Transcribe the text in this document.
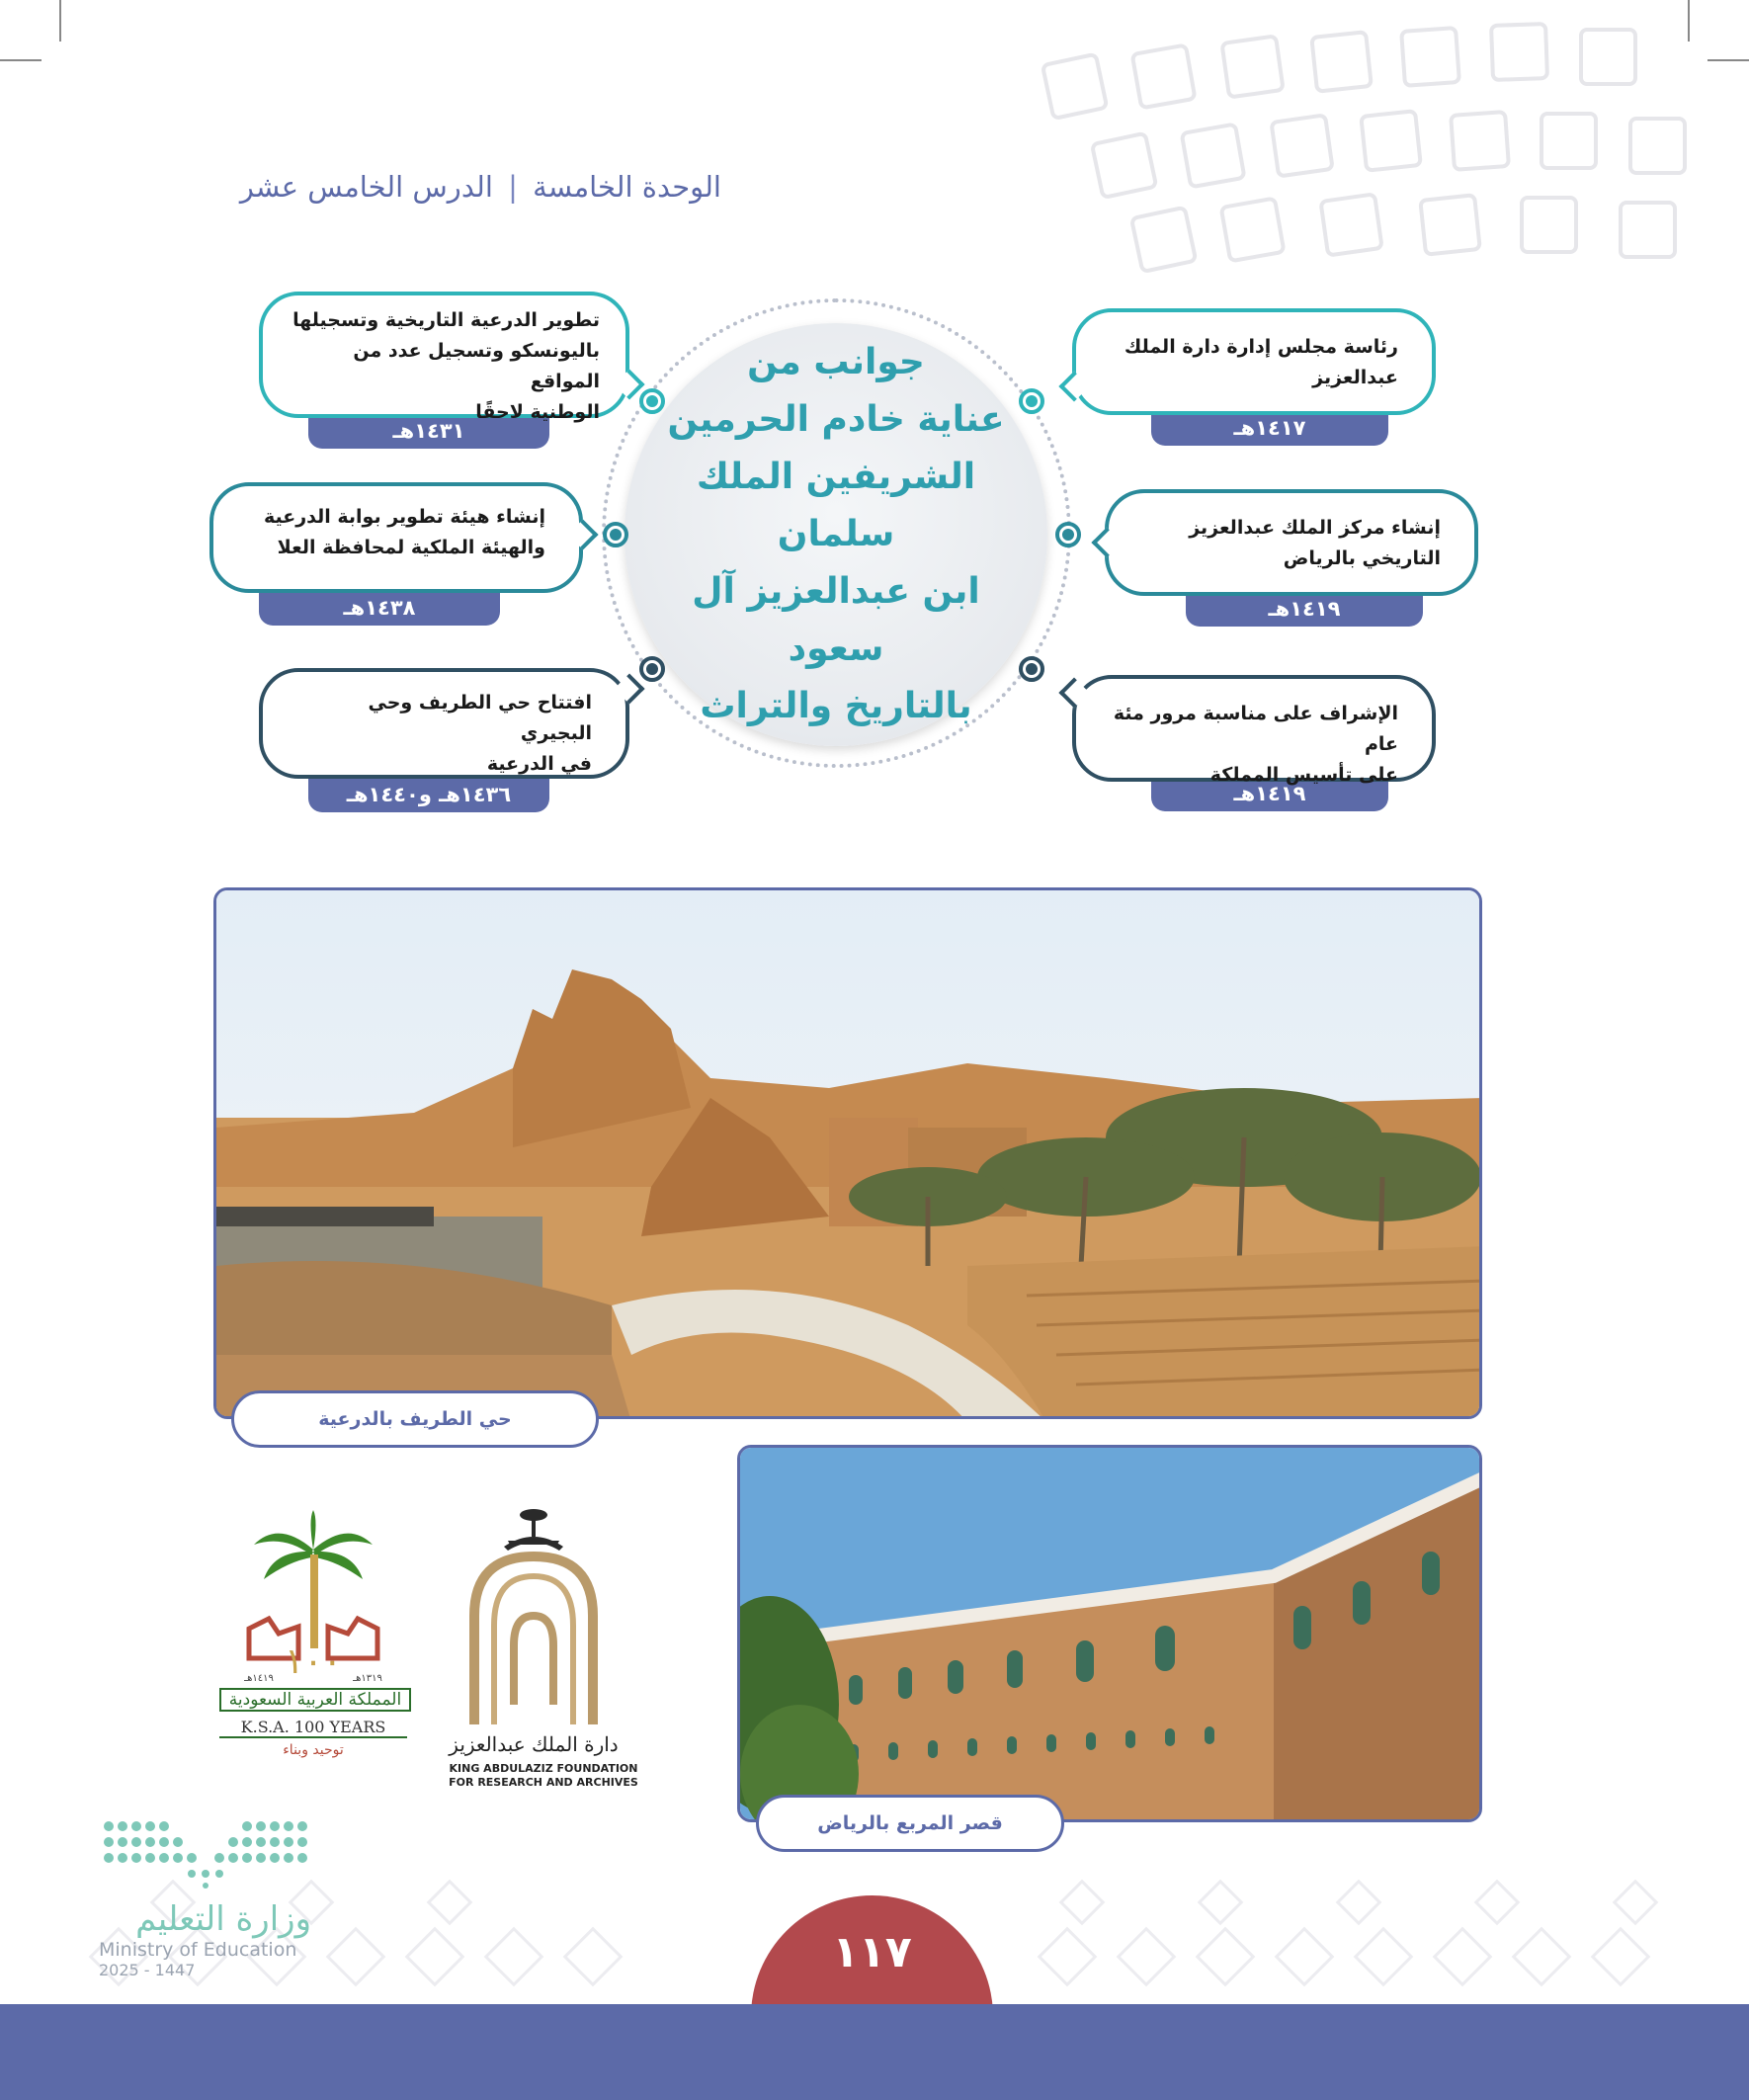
الوحدة الخامسة | الدرس الخامس عشر
جوانب من
عناية خادم الحرمين
الشريفين الملك سلمان
ابن عبدالعزيز آل سعود
بالتاريخ والتراث
١٤١٧هـ
رئاسة مجلس إدارة دارة الملك
عبدالعزيز
١٤١٩هـ
إنشاء مركز الملك عبدالعزيز
التاريخي بالرياض
١٤١٩هـ
الإشراف على مناسبة مرور مئة عام
على تأسيس المملكة
١٤٣١هـ
تطوير الدرعية التاريخية وتسجيلها
باليونسكو وتسجيل عدد من المواقع
الوطنية لاحقًا
١٤٣٨هـ
إنشاء هيئة تطوير بوابة الدرعية
والهيئة الملكية لمحافظة العلا
١٤٣٦هـ و١٤٤٠هـ
افتتاح حي الطريف وحي البجيري
في الدرعية
حي الطريف بالدرعية
قصر المربع بالرياض
دارة الملك عبدالعزيز
KING ABDULAZIZ FOUNDATION
FOR RESEARCH AND ARCHIVES
١٠٠
١٤١٩هـ	١٣١٩هـ
المملكة العربية السعودية
K.S.A. 100 YEARS
توحيد وبناء
وزارة التعليم
Ministry of Education
2025 - 1447	١١٧
